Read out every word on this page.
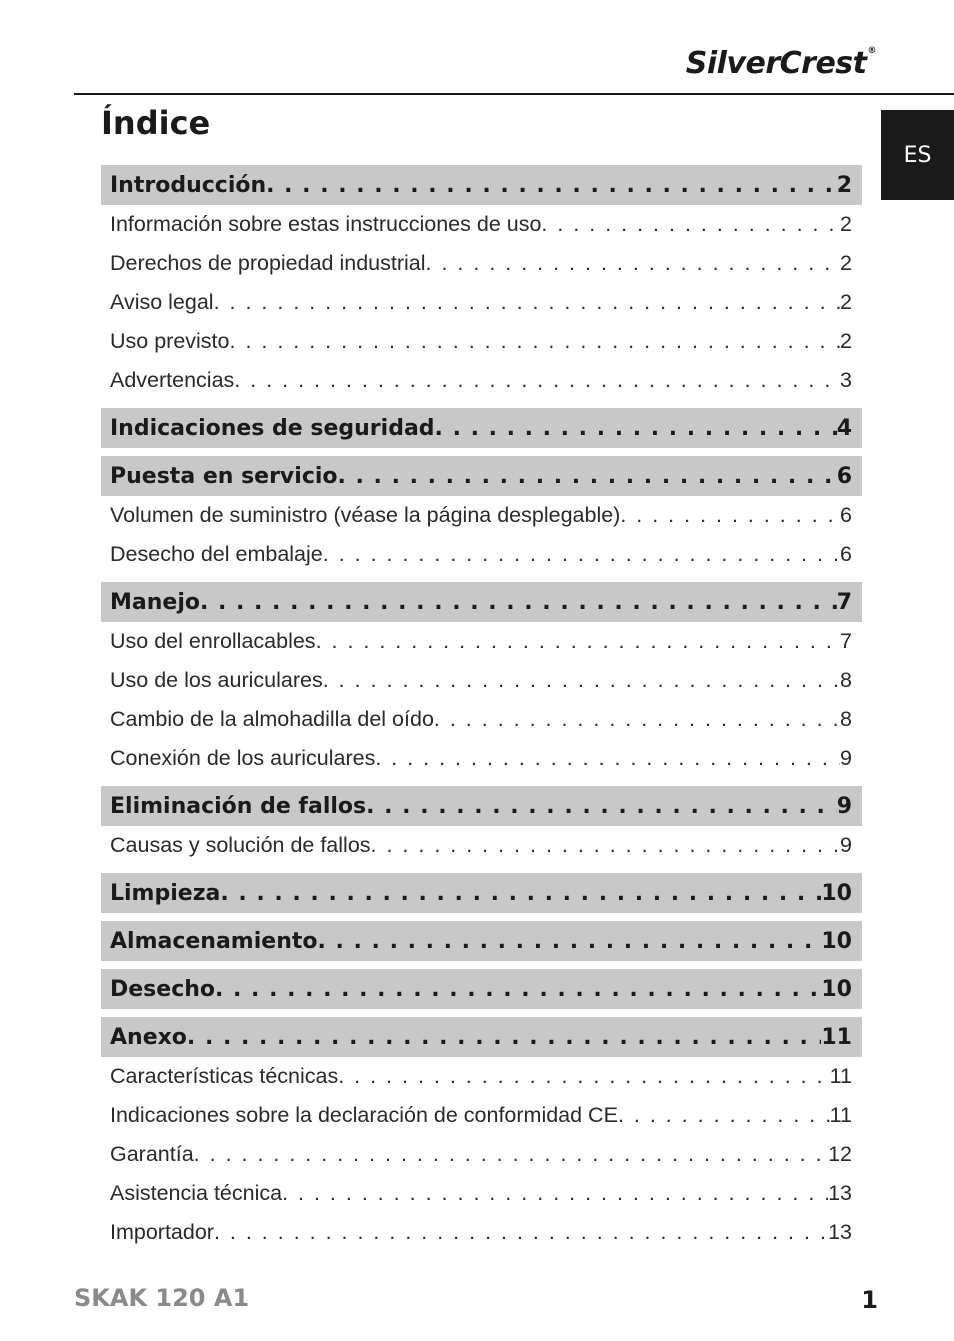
SilverCrest®
ES
Índice
Introducción . . .	2
Información sobre estas instrucciones de uso . . .	2
Derechos de propiedad industrial . . .	2
Aviso legal . . .	2
Uso previsto . . .	2
Advertencias . . .	3
Indicaciones de seguridad . . .	4
Puesta en servicio . . .	6
Volumen de suministro (véase la página desplegable) . . .	6
Desecho del embalaje . . .	6
Manejo . . .	7
Uso del enrollacables . . .	7
Uso de los auriculares . . .	8
Cambio de la almohadilla del oído . . .	8
Conexión de los auriculares . . .	9
Eliminación de fallos . . .	9
Causas y solución de fallos . . .	9
Limpieza . . .	10
Almacenamiento . . .	10
Desecho . . .	10
Anexo . . .	11
Características técnicas . . .	11
Indicaciones sobre la declaración de conformidad CE . . .	11
Garantía . . .	12
Asistencia técnica . . .	13
Importador . . .	13
SKAK 120 A1	1
